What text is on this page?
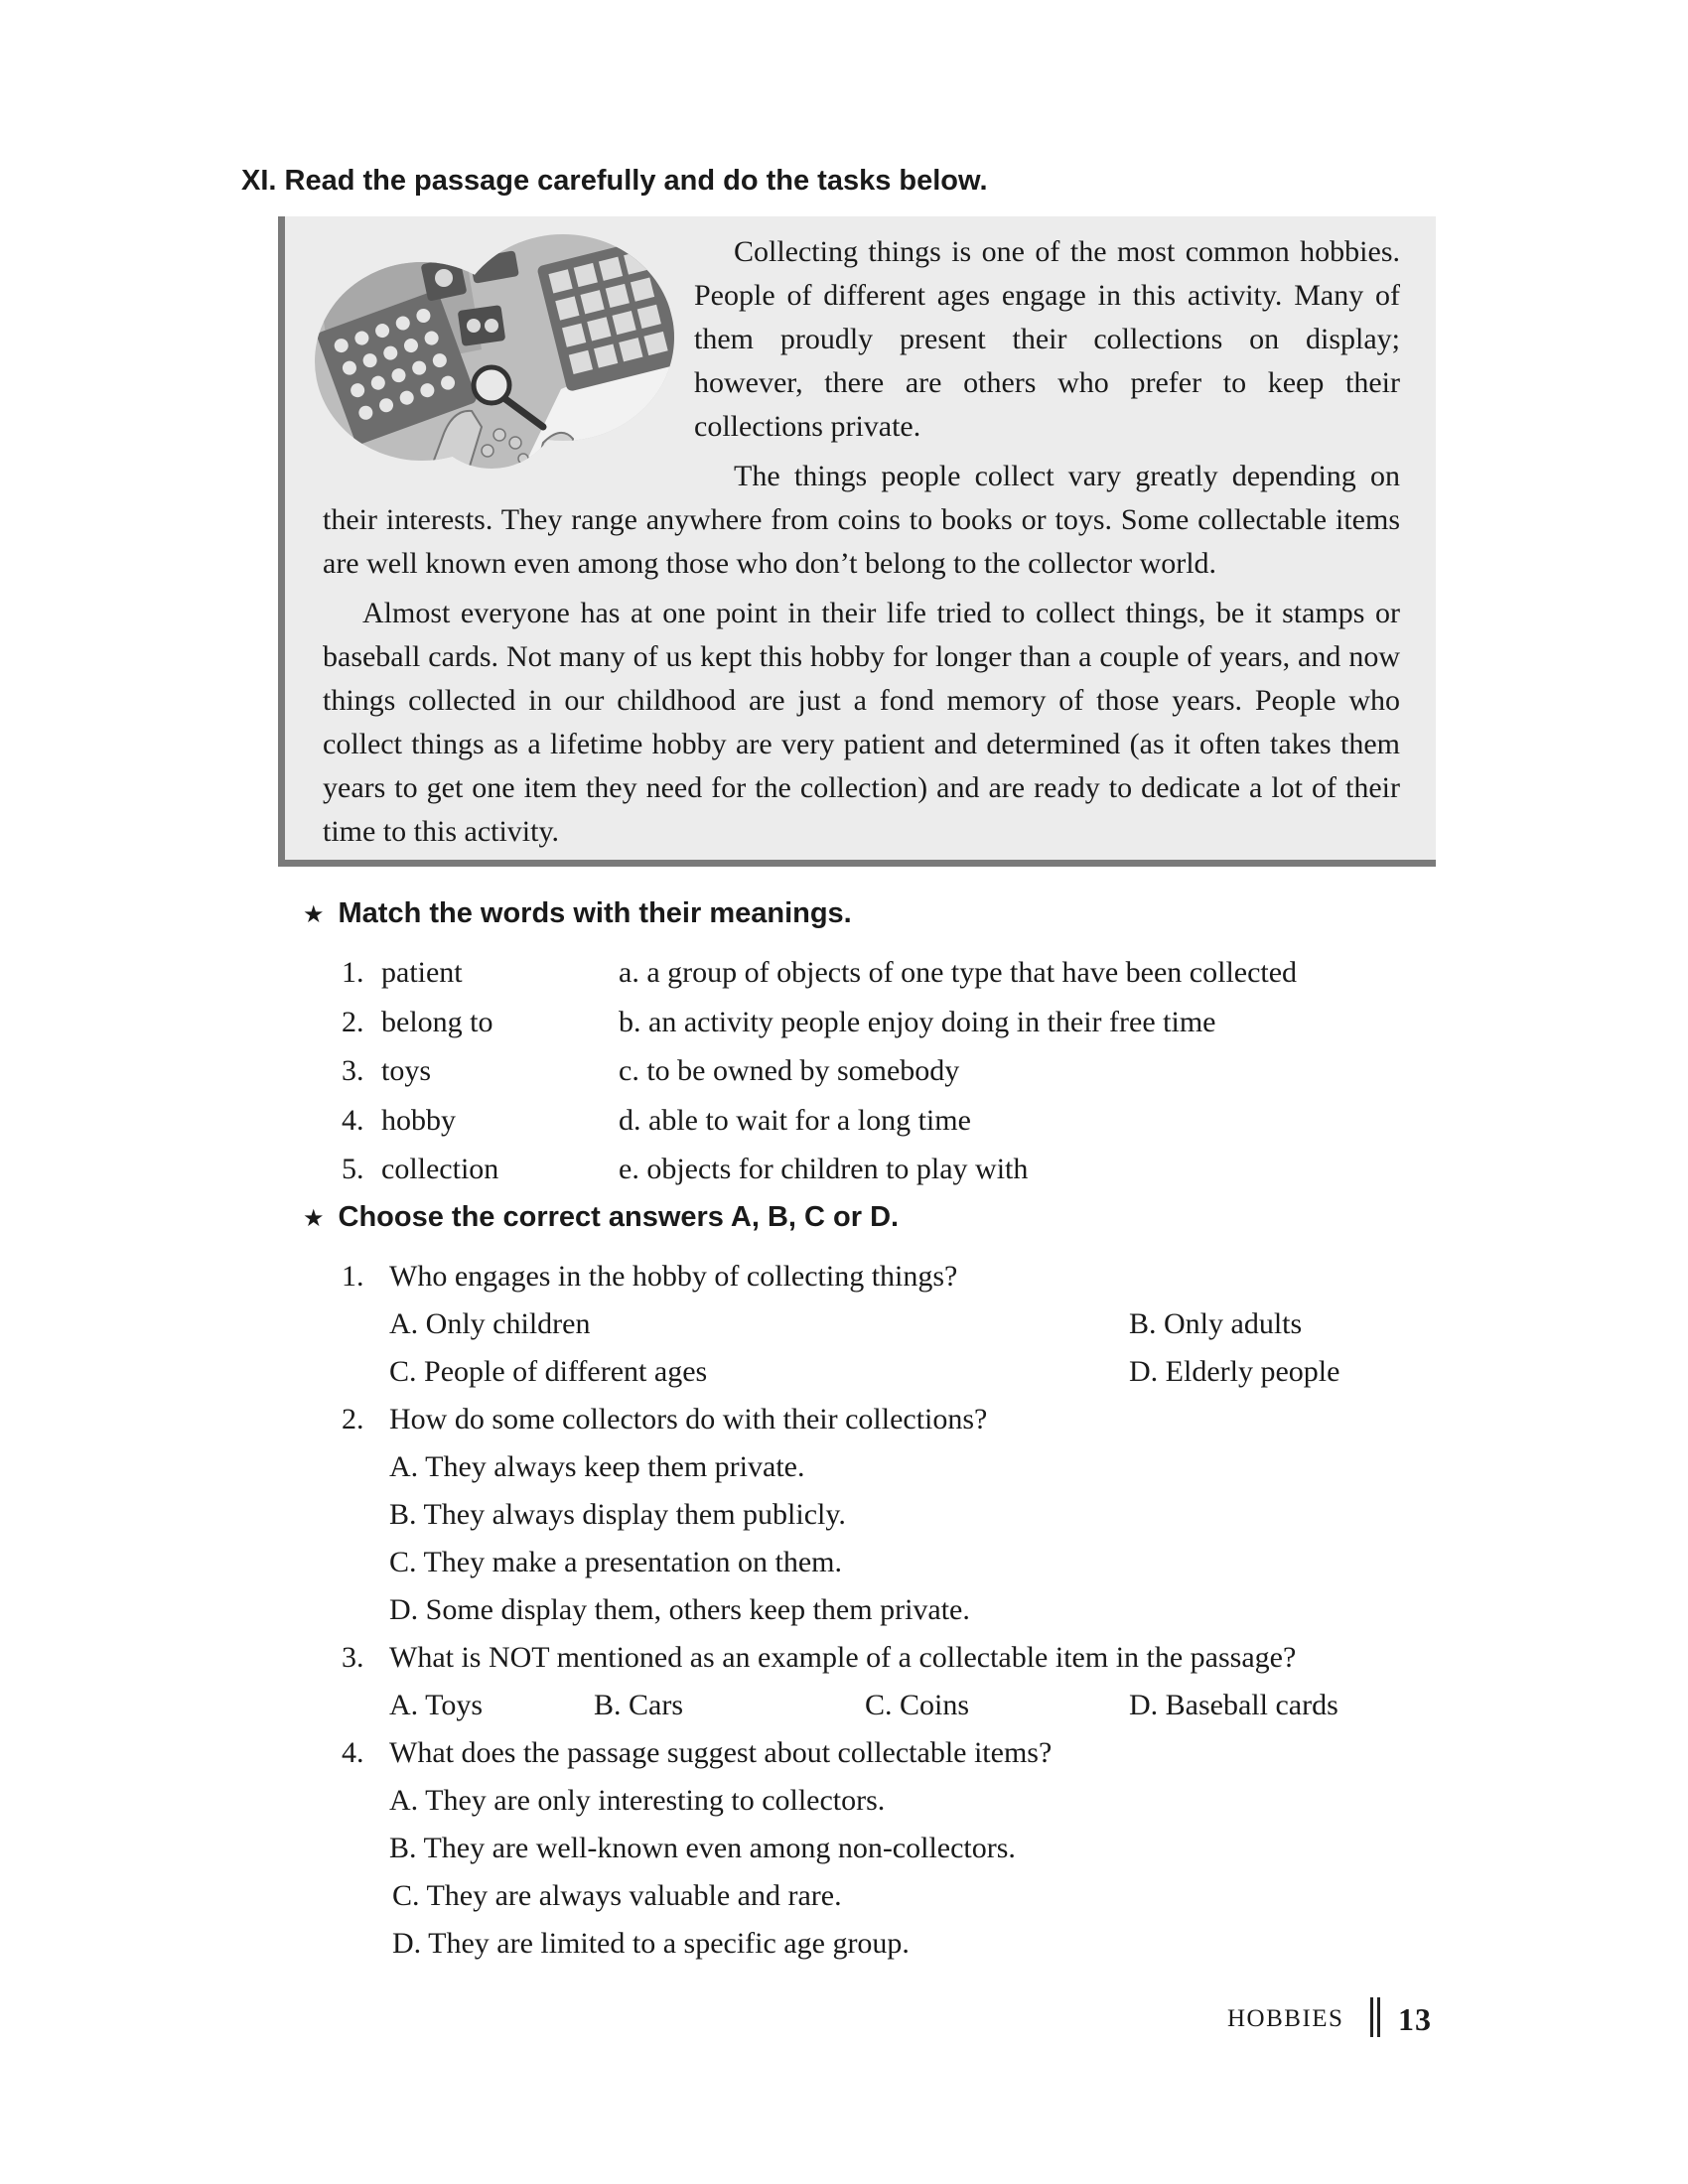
XI. Read the passage carefully and do the tasks below.

Collecting things is one of the most common hobbies. People of different ages engage in this activity. Many of them proudly present their collections on display; however, there are others who prefer to keep their collections private.

The things people collect vary greatly depending on their interests. They range anywhere from coins to books or toys. Some collectable items are well known even among those who don’t belong to the collector world.

Almost everyone has at one point in their life tried to collect things, be it stamps or baseball cards. Not many of us kept this hobby for longer than a couple of years, and now things collected in our childhood are just a fond memory of those years. People who collect things as a lifetime hobby are very patient and determined (as it often takes them years to get one item they need for the collection) and are ready to dedicate a lot of their time to this activity.

★ Match the words with their meanings.
1. patient	a. a group of objects of one type that have been collected
2. belong to	b. an activity people enjoy doing in their free time
3. toys	c. to be owned by somebody
4. hobby	d. able to wait for a long time
5. collection	e. objects for children to play with
★ Choose the correct answers A, B, C or D.
1. Who engages in the hobby of collecting things?
A. Only children	B. Only adults
C. People of different ages	D. Elderly people
2. How do some collectors do with their collections?
A. They always keep them private.
B. They always display them publicly.
C. They make a presentation on them.
D. Some display them, others keep them private.
3. What is NOT mentioned as an example of a collectable item in the passage?
A. Toys	B. Cars	C. Coins	D. Baseball cards
4. What does the passage suggest about collectable items?
A. They are only interesting to collectors.
B. They are well-known even among non-collectors.
C. They are always valuable and rare.
D. They are limited to a specific age group.
HOBBIES 13
